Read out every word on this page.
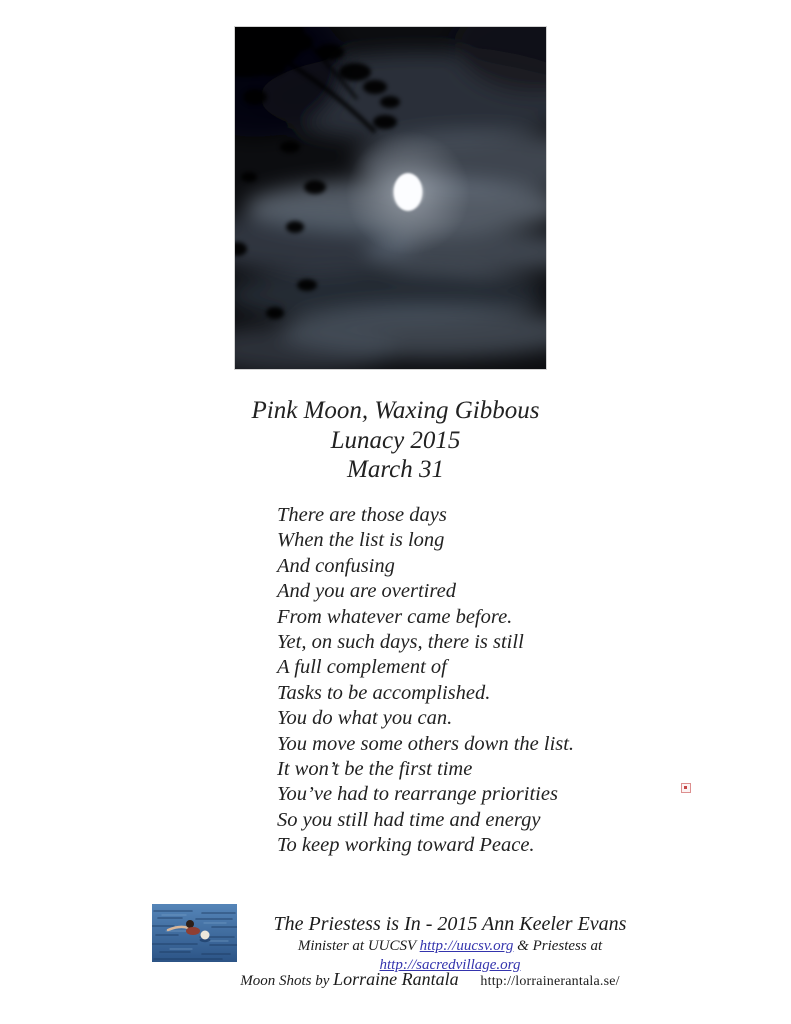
Pink Moon, Waxing Gibbous
Lunacy 2015
March 31
There are those days
When the list is long
And confusing
And you are overtired
From whatever came before.
Yet, on such days, there is still
A full complement of
Tasks to be accomplished.
You do what you can.
You move some others down the list.
It won’t be the first time
You’ve had to rearrange priorities
So you still had time and energy
To keep working toward Peace.
The Priestess is In - 2015 Ann Keeler Evans
Minister at UUCSV http://uucsv.org & Priestess at http://sacredvillage.org
Moon Shots by Lorraine Rantala http://lorrainerantala.se/
